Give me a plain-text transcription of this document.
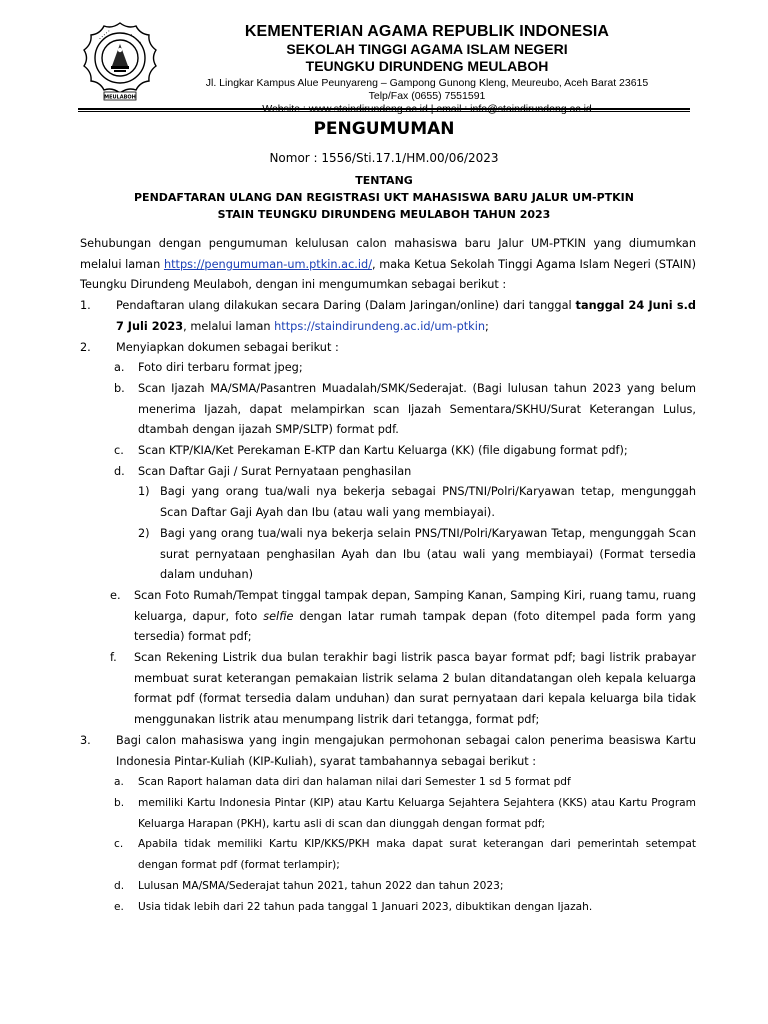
• • • • •	• • • • •
MEULABOH
KEMENTERIAN AGAMA REPUBLIK INDONESIA
SEKOLAH TINGGI AGAMA ISLAM NEGERI
TEUNGKU DIRUNDENG MEULABOH
Jl. Lingkar Kampus Alue Peunyareng – Gampong Gunong Kleng, Meureubo, Aceh Barat 23615
Telp/Fax (0655) 7551591
PENGUMUMAN
Nomor : 1556/Sti.17.1/HM.00/06/2023
TENTANG
PENDAFTARAN ULANG DAN REGISTRASI UKT MAHASISWA BARU JALUR UM-PTKIN
STAIN TEUNGKU DIRUNDENG MEULABOH TAHUN 2023

Sehubungan dengan pengumuman kelulusan calon mahasiswa baru Jalur UM-PTKIN yang diumumkan melalui laman https://pengumuman-um.ptkin.ac.id/, maka Ketua Sekolah Tinggi Agama Islam Negeri (STAIN) Teungku Dirundeng Meulaboh, dengan ini mengumumkan sebagai berikut :

1.	Pendaftaran ulang dilakukan secara Daring (Dalam Jaringan/online) dari tanggal tanggal 24 Juni s.d 7 Juli 2023, melalui laman https://staindirundeng.ac.id/um-ptkin;
2.	Menyiapkan dokumen sebagai berikut :
a.	Foto diri terbaru format jpeg;
b.	Scan Ijazah MA/SMA/Pasantren Muadalah/SMK/Sederajat. (Bagi lulusan tahun 2023 yang belum menerima Ijazah, dapat melampirkan scan Ijazah Sementara/SKHU/Surat Keterangan Lulus, dtambah dengan ijazah SMP/SLTP) format pdf.
c.	Scan KTP/KIA/Ket Perekaman E-KTP dan Kartu Keluarga (KK) (file digabung format pdf);
d.	Scan Daftar Gaji / Surat Pernyataan penghasilan
1) Bagi yang orang tua/wali nya bekerja sebagai PNS/TNI/Polri/Karyawan tetap, mengunggah Scan Daftar Gaji Ayah dan Ibu (atau wali yang membiayai).
2) Bagi yang orang tua/wali nya bekerja selain PNS/TNI/Polri/Karyawan Tetap, mengunggah Scan surat pernyataan penghasilan Ayah dan Ibu (atau wali yang membiayai) (Format tersedia dalam unduhan)
e.	Scan Foto Rumah/Tempat tinggal tampak depan, Samping Kanan, Samping Kiri, ruang tamu, ruang keluarga, dapur, foto selfie dengan latar rumah tampak depan (foto ditempel pada form yang tersedia) format pdf;
f.	Scan Rekening Listrik dua bulan terakhir bagi listrik pasca bayar format pdf; bagi listrik prabayar membuat surat keterangan pemakaian listrik selama 2 bulan ditandatangan oleh kepala keluarga format pdf (format tersedia dalam unduhan) dan surat pernyataan dari kepala keluarga bila tidak menggunakan listrik atau menumpang listrik dari tetangga, format pdf;
3.	Bagi calon mahasiswa yang ingin mengajukan permohonan sebagai calon penerima beasiswa Kartu Indonesia Pintar-Kuliah (KIP-Kuliah), syarat tambahannya sebagai berikut :
a.	Scan Raport halaman data diri dan halaman nilai dari Semester 1 sd 5 format pdf
b.	memiliki Kartu Indonesia Pintar (KIP) atau Kartu Keluarga Sejahtera Sejahtera (KKS) atau Kartu Program Keluarga Harapan (PKH), kartu asli di scan dan diunggah dengan format pdf;
c.	Apabila tidak memiliki Kartu KIP/KKS/PKH maka dapat surat keterangan dari pemerintah setempat dengan format pdf (format terlampir);
d.	Lulusan MA/SMA/Sederajat tahun 2021, tahun 2022 dan tahun 2023;
e.	Usia tidak lebih dari 22 tahun pada tanggal 1 Januari 2023, dibuktikan dengan Ijazah.
